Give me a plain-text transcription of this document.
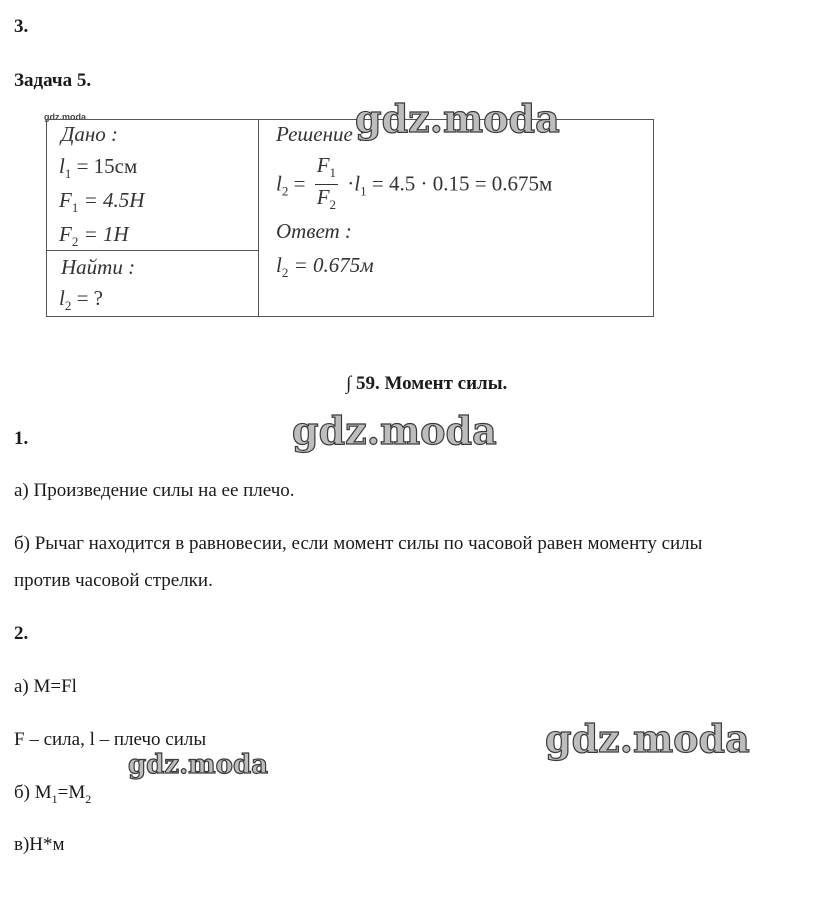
3.
Задача 5.
gdz.moda
Дано :
$l_1 = 15см$
$F_1 = 4.5H$
$F_2 = 1H$
Найти :
$l_2$ = ?
Решение :
$l_2 = \frac{F_1}{F_2} \cdot l_1 = 4.5 \cdot 0.15 = 0.675м$
Ответ :
$l_2 = 0.675м$
gdz.moda
∫ 59. Момент силы.
gdz.moda
1.
а) Произведение силы на ее плечо.
б) Рычаг находится в равновесии, если момент силы по часовой равен моменту силы
против часовой стрелки.
2.
а) M=Fl
F – сила, l – плечо силы	gdz.moda
gdz.moda
б) $M_1=M_2$
в)Н*м
